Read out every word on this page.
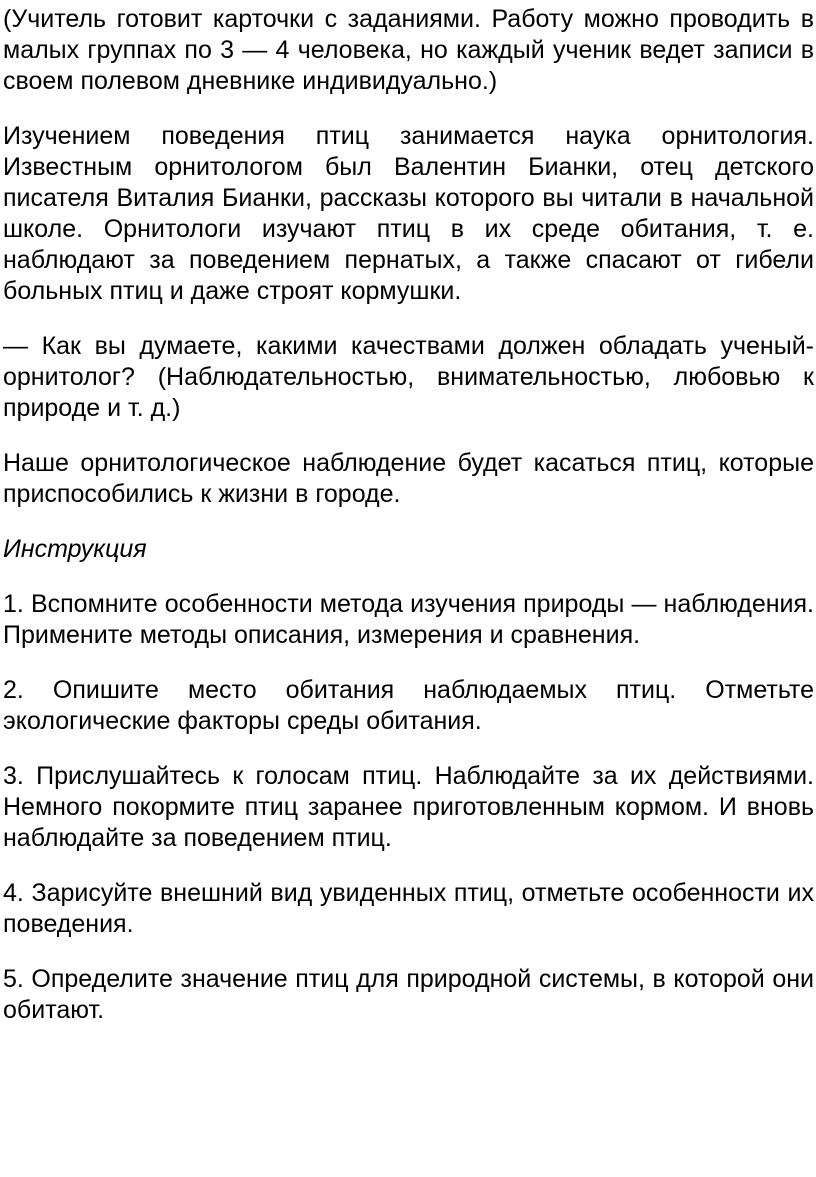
(Учитель готовит карточки с заданиями. Работу можно проводить в малых группах по 3 — 4 человека, но каждый ученик ведет записи в своем полевом дневнике индивидуально.)

Изучением поведения птиц занимается наука орнитология. Известным орнитологом был Валентин Бианки, отец детского писателя Виталия Бианки, рассказы которого вы читали в начальной школе. Орнитологи изучают птиц в их среде обитания, т. е. наблюдают за поведением пернатых, а также спасают от гибели больных птиц и даже строят кормушки.

— Как вы думаете, какими качествами должен обладать ученый-орнитолог? (Наблюдательностью, внимательностью, любовью к природе и т. д.)

Наше орнитологическое наблюдение будет касаться птиц, которые приспособились к жизни в городе.

Инструкция

1. Вспомните особенности метода изучения природы — наблюдения. Примените методы описания, измерения и сравнения.

2. Опишите место обитания наблюдаемых птиц. Отметьте экологические факторы среды обитания.

3. Прислушайтесь к голосам птиц. Наблюдайте за их действиями. Немного покормите птиц заранее приготовленным кормом. И вновь наблюдайте за поведением птиц.

4. Зарисуйте внешний вид увиденных птиц, отметьте особенности их поведения.

5. Определите значение птиц для природной системы, в которой они обитают.
